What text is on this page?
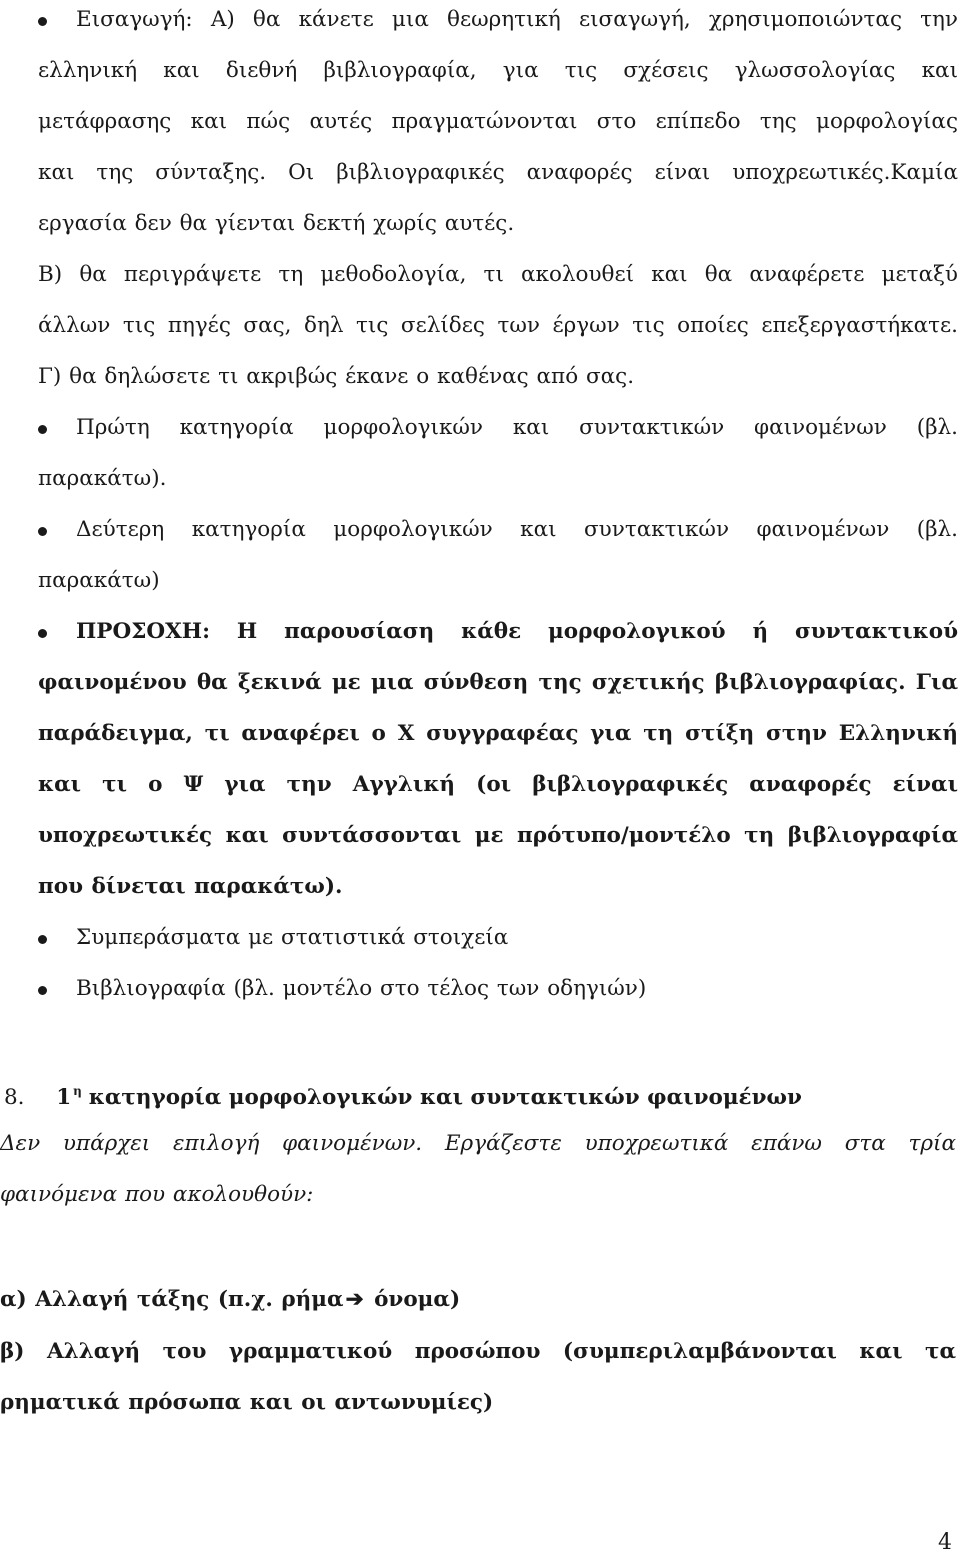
Εισαγωγή: Α) θα κάνετε μια θεωρητική εισαγωγή, χρησιμοποιώντας την

ελληνική και διεθνή βιβλιογραφία, για τις σχέσεις γλωσσολογίας και

μετάφρασης και πώς αυτές πραγματώνονται στο επίπεδο της μορφολογίας

και της σύνταξης. Οι βιβλιογραφικές αναφορές είναι υποχρεωτικές.Καμία

εργασία δεν θα γίενται δεκτή χωρίς αυτές.

Β) θα περιγράψετε τη μεθοδολογία, τι ακολουθεί και θα αναφέρετε μεταξύ

άλλων τις πηγές σας, δηλ τις σελίδες των έργων τις οποίες επεξεργαστήκατε.

Γ) θα δηλώσετε τι ακριβώς έκανε ο καθένας από σας.

Πρώτη κατηγορία μορφολογικών και συντακτικών φαινομένων (βλ.

παρακάτω).

Δεύτερη κατηγορία μορφολογικών και συντακτικών φαινομένων (βλ.

παρακάτω)

ΠΡΟΣΟΧΗ: Η παρουσίαση κάθε μορφολογικού ή συντακτικού

φαινομένου θα ξεκινά με μια σύνθεση της σχετικής βιβλιογραφίας. Για

παράδειγμα, τι αναφέρει ο Χ συγγραφέας για τη στίξη στην Ελληνική

και τι ο Ψ για την Αγγλική (οι βιβλιογραφικές αναφορές είναι

υποχρεωτικές και συντάσσονται με πρότυπο/μοντέλο τη βιβλιογραφία

που δίνεται παρακάτω).

Συμπεράσματα με στατιστικά στοιχεία

Βιβλιογραφία (βλ. μοντέλο στο τέλος των οδηγιών)

8. 1 $^\eta$ κατηγορία μορφολογικών και συντακτικών φαινομένων

Δεν υπάρχει επιλογή φαινομένων. Εργάζεστε υποχρεωτικά επάνω στα τρία

φαινόμενα που ακολουθούν:

α) Αλλαγή τάξης (π.χ. ρήμα➔ όνομα)

β) Αλλαγή του γραμματικού προσώπου (συμπεριλαμβάνονται και τα

ρηματικά πρόσωπα και οι αντωνυμίες)

4
